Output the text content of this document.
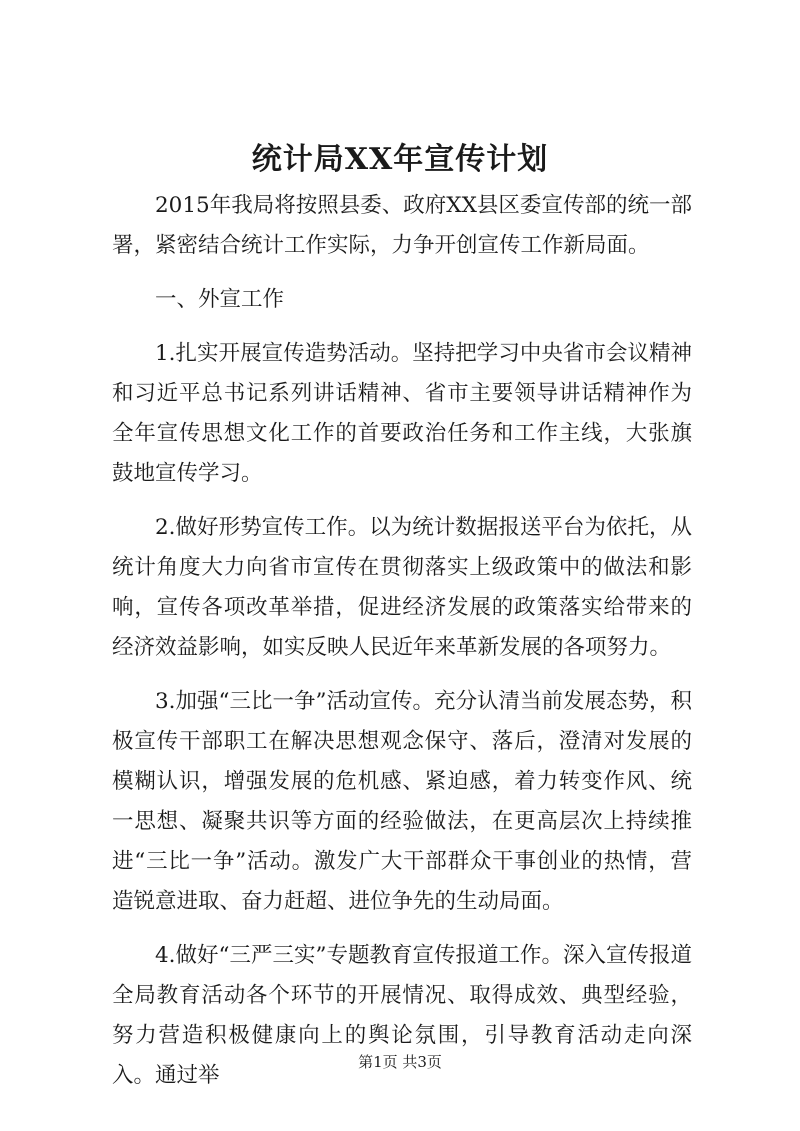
统计局XX年宣传计划

2015年我局将按照县委、政府XX县区委宣传部的统一部署，紧密结合统计工作实际，力争开创宣传工作新局面。

一、外宣工作

1.扎实开展宣传造势活动。坚持把学习中央省市会议精神和习近平总书记系列讲话精神、省市主要领导讲话精神作为全年宣传思想文化工作的首要政治任务和工作主线，大张旗鼓地宣传学习。

2.做好形势宣传工作。以为统计数据报送平台为依托，从统计角度大力向省市宣传在贯彻落实上级政策中的做法和影响，宣传各项改革举措，促进经济发展的政策落实给带来的经济效益影响，如实反映人民近年来革新发展的各项努力。

3.加强“三比一争”活动宣传。充分认清当前发展态势，积极宣传干部职工在解决思想观念保守、落后，澄清对发展的模糊认识，增强发展的危机感、紧迫感，着力转变作风、统一思想、凝聚共识等方面的经验做法，在更高层次上持续推进“三比一争”活动。激发广大干部群众干事创业的热情，营造锐意进取、奋力赶超、进位争先的生动局面。

4.做好“三严三实”专题教育宣传报道工作。深入宣传报道全局教育活动各个环节的开展情况、取得成效、典型经验，努力营造积极健康向上的舆论氛围，引导教育活动走向深入。通过举

第1页 共3页
